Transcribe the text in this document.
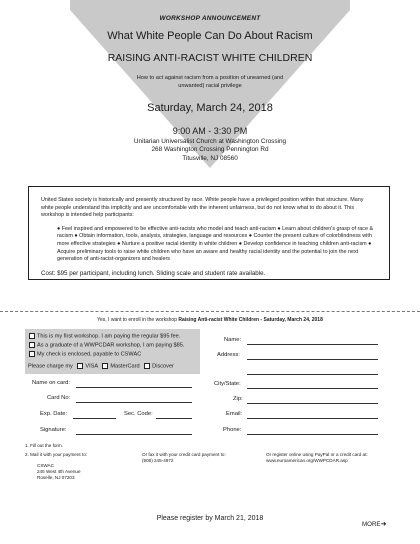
WORKSHOP ANNOUNCEMENT
What White People Can Do About Racism
RAISING ANTI-RACIST WHITE CHILDREN
How to act against racism from a position of unearned (and unwanted) racial privilege
Saturday, March 24, 2018
9:00 AM - 3:30 PM
Unitarian Universalist Church at Washington Crossing
268 Washington Crossing Pennington Rd
Titusville, NJ 08560
United States society is historically and presently structured by race. White people have a privileged position within that structure. Many white people understand this implicitly and are uncomfortable with the inherent unfairness, but do not know what to do about it. This workshop is intended help participants:
● Feel inspired and empowered to be effective anti-racists who model and teach anti-racism ● Learn about children's grasp of race & racism ● Obtain information, tools, analysis, strategies, language and resources ● Counter the present culture of colorblindness with more effective strategies ● Nurture a positive racial identity in white children ● Develop confidence in teaching children anti-racism ● Acquire preliminary tools to raise white children who have an aware and healthy racial identity and the potential to join the next generation of anti-racist-organizers and healers
Cost: $95 per participant, including lunch. Sliding scale and student rate available.
Yes, I want to enroll in the workshop Raising Anti-racist White Children - Saturday, March 24, 2018
This is my first workshop. I am paying the regular $95 fee.
As a graduate of a WWPCDAR workshop, I am paying $85.
My check is enclosed, payable to CSWAC
Please charge my VISA MasterCard Discover
Name on card:
Card No:
Exp. Date:	Sec. Code:
Signature:
Name:
Address:
City/State:
Zip:
Email:
Phone:
1. Fill out the form.
2. Mail it with your payment to:
CSWAC
245 West 4th Avenue
Roselle, NJ 07203
Or fax it with your credit card payment to:
(908) 245-4972
Or register online using PayPal or a credit card at:
www.euroamerican.org/WWPCDAR.asp
Please register by March 21, 2018
MORE➜
